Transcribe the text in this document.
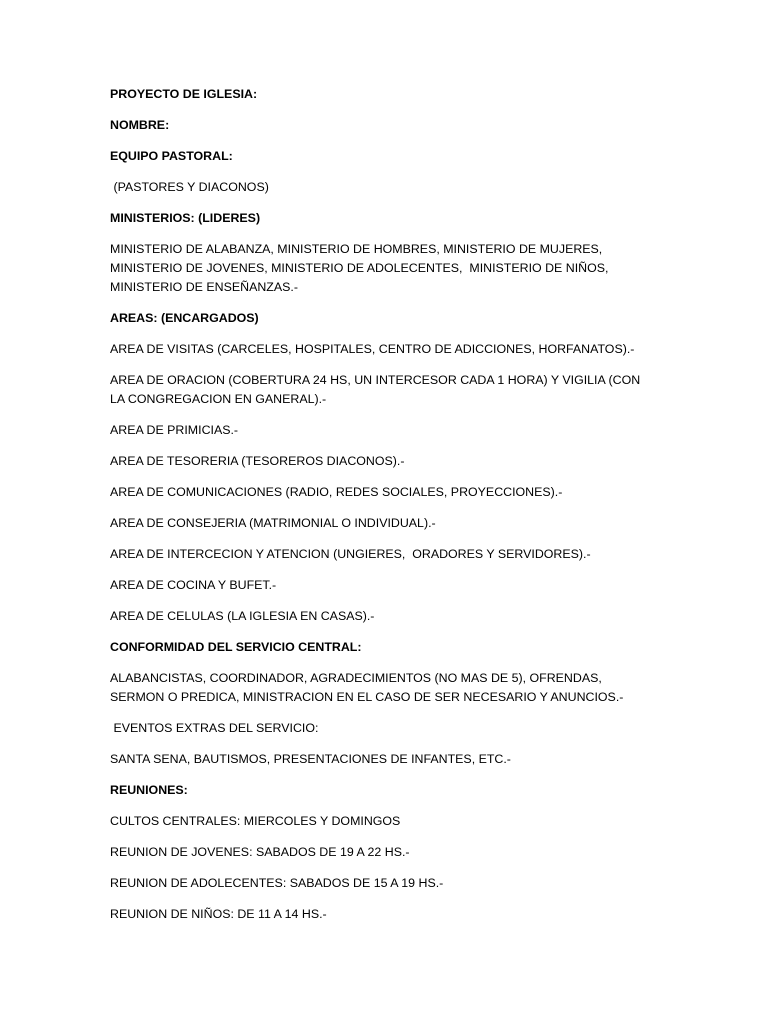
PROYECTO DE IGLESIA:

NOMBRE:

EQUIPO PASTORAL:

(PASTORES Y DIACONOS)

MINISTERIOS: (LIDERES)

MINISTERIO DE ALABANZA, MINISTERIO DE HOMBRES, MINISTERIO DE MUJERES, MINISTERIO DE JOVENES, MINISTERIO DE ADOLECENTES,  MINISTERIO DE NIÑOS, MINISTERIO DE ENSEÑANZAS.-

AREAS: (ENCARGADOS)

AREA DE VISITAS (CARCELES, HOSPITALES, CENTRO DE ADICCIONES, HORFANATOS).-

AREA DE ORACION (COBERTURA 24 HS, UN INTERCESOR CADA 1 HORA) Y VIGILIA (CON LA CONGREGACION EN GANERAL).-

AREA DE PRIMICIAS.-

AREA DE TESORERIA (TESOREROS DIACONOS).-

AREA DE COMUNICACIONES (RADIO, REDES SOCIALES, PROYECCIONES).-

AREA DE CONSEJERIA (MATRIMONIAL O INDIVIDUAL).-

AREA DE INTERCECION Y ATENCION (UNGIERES,  ORADORES Y SERVIDORES).-

AREA DE COCINA Y BUFET.-

AREA DE CELULAS (LA IGLESIA EN CASAS).-

CONFORMIDAD DEL SERVICIO CENTRAL:

ALABANCISTAS, COORDINADOR, AGRADECIMIENTOS (NO MAS DE 5), OFRENDAS, SERMON O PREDICA, MINISTRACION EN EL CASO DE SER NECESARIO Y ANUNCIOS.-

EVENTOS EXTRAS DEL SERVICIO:

SANTA SENA, BAUTISMOS, PRESENTACIONES DE INFANTES, ETC.-

REUNIONES:

CULTOS CENTRALES: MIERCOLES Y DOMINGOS

REUNION DE JOVENES: SABADOS DE 19 A 22 HS.-

REUNION DE ADOLECENTES: SABADOS DE 15 A 19 HS.-

REUNION DE NIÑOS: DE 11 A 14 HS.-
